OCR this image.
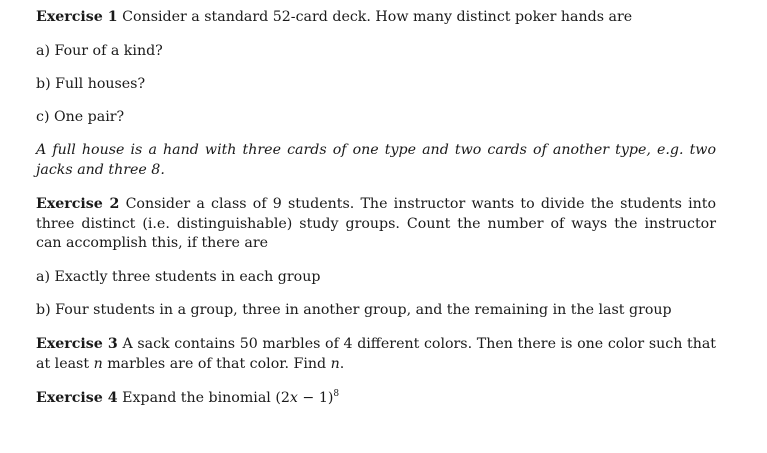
Exercise 1 Consider a standard 52-card deck. How many distinct poker hands are
a) Four of a kind?
b) Full houses?
c) One pair?
A full house is a hand with three cards of one type and two cards of another type, e.g. two jacks and three 8.
Exercise 2 Consider a class of 9 students. The instructor wants to divide the students into three distinct (i.e. distinguishable) study groups. Count the number of ways the instructor can accomplish this, if there are
a) Exactly three students in each group
b) Four students in a group, three in another group, and the remaining in the last group
Exercise 3 A sack contains 50 marbles of 4 different colors. Then there is one color such that at least n marbles are of that color. Find n.
Exercise 4 Expand the binomial $(2x - 1)^8$
